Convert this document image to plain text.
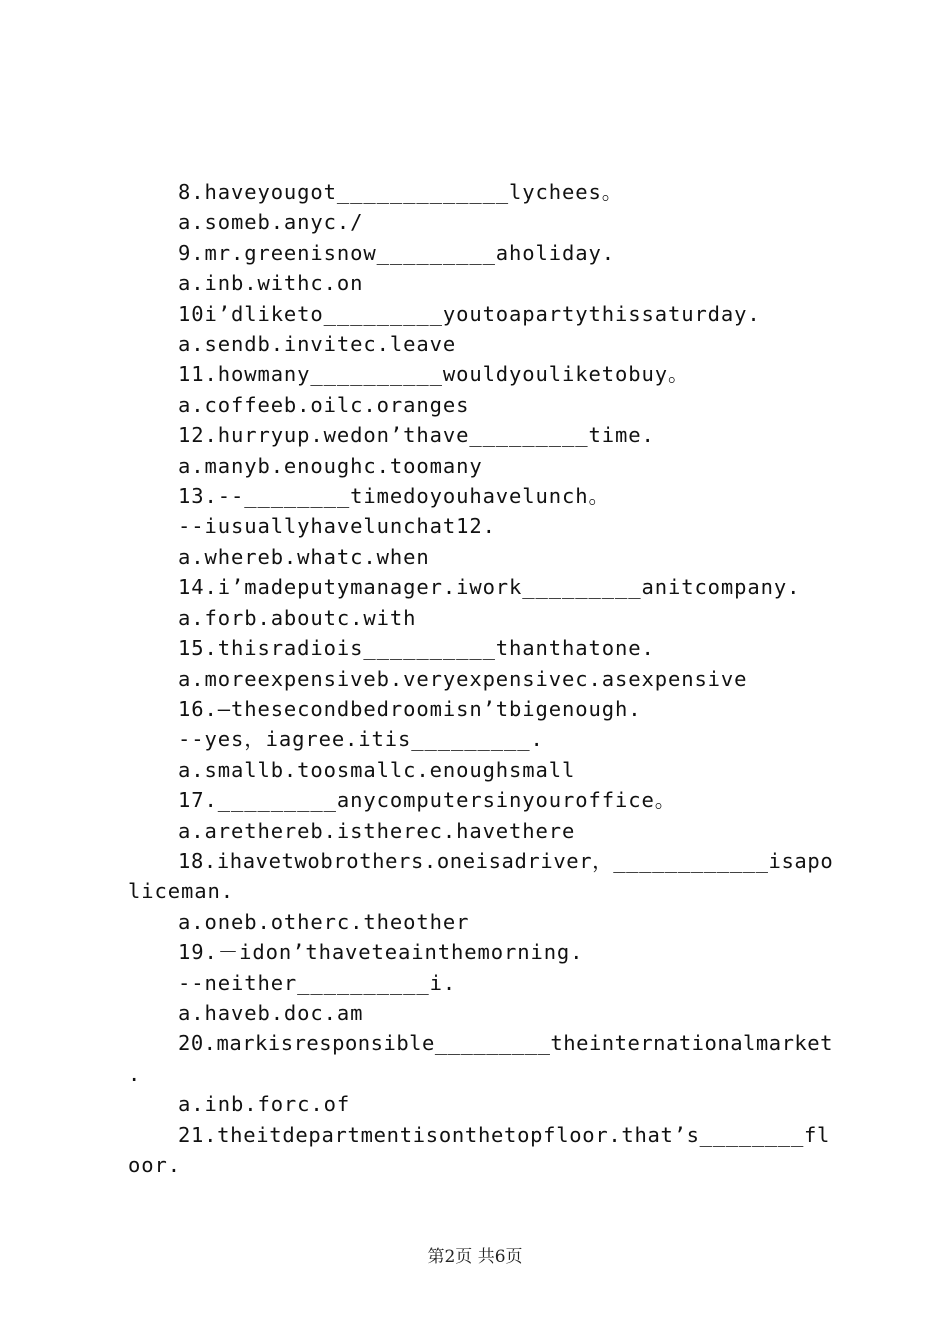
8.haveyougot_____________lychees。
a.someb.anyc./
9.mr.greenisnow_________aholiday.
a.inb.withc.on
10i’dliketo_________youtoapartythissaturday.
a.sendb.invitec.leave
11.howmany__________wouldyouliketobuy。
a.coffeeb.oilc.oranges
12.hurryup.wedon’thave_________time.
a.manyb.enoughc.toomany
13.--________timedoyouhavelunch。
--iusuallyhavelunchat12.
a.whereb.whatc.when
14.i’madeputymanager.iwork_________anitcompany.
a.forb.aboutc.with
15.thisradiois__________thanthatone.
a.moreexpensiveb.veryexpensivec.asexpensive
16.—thesecondbedroomisn’tbigenough.
--yes，iagree.itis_________.
a.smallb.toosmallc.enoughsmall
17._________anycomputersinyouroffice。
a.arethereb.istherec.havethere
18.ihavetwobrothers.oneisadriver，____________isapo
liceman.
a.oneb.otherc.theother
19.－idon’thaveteainthemorning.
--neither__________i.
a.haveb.doc.am
20.markisresponsible_________theinternationalmarket
.
a.inb.forc.of
21.theitdepartmentisonthetopfloor.that’s________fl
oor.
第2页 共6页
